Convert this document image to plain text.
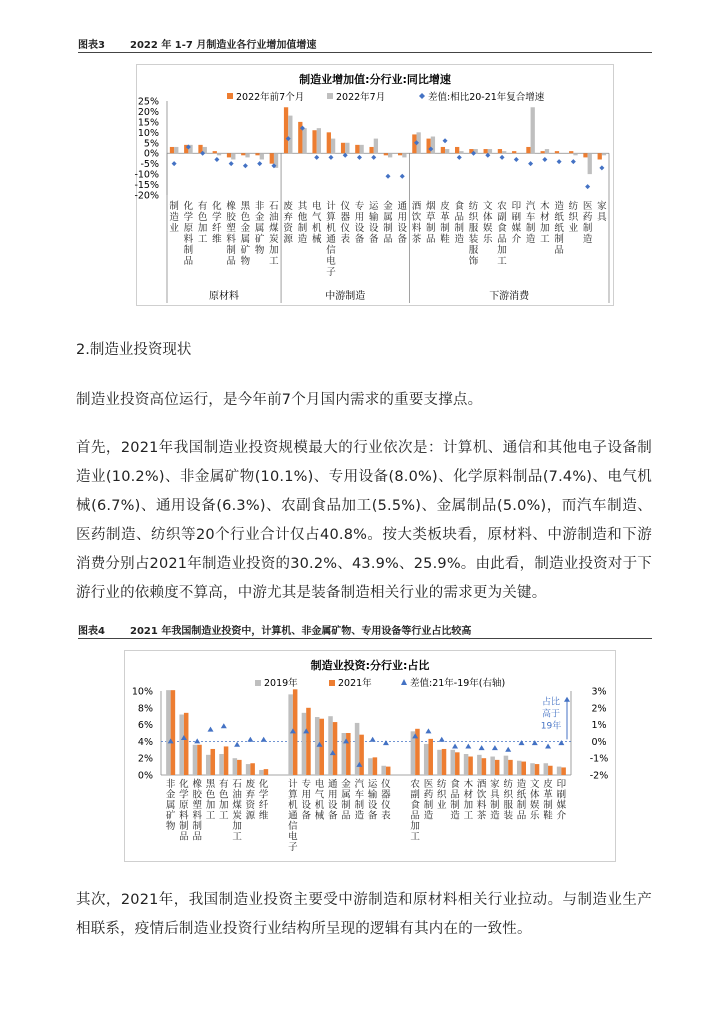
图表3	2022 年 1-7 月制造业各行业增加值增速
制造业增加值:分行业:同比增速
2022年前7个月	2022年7月	差值:相比20-21年复合增速
25%
20%
15%
10%
5%
0%
-5%
-10%
-15%
-20%
制造业
化学原料制品
有色加工
化学纤维
橡胶塑料制品
黑色金属矿物
非金属矿物
石油煤炭加工
废弃资源
其他制造
电气机械
计算机通信电子
仪器仪表
专用设备
运输设备
金属制品
通用设备
酒饮料茶
烟草制品
皮革制鞋
食品制造
纺织服装服饰
文体娱乐
农副食品加工
印刷媒介
汽车制造
木材加工
造纸纸制品
纺织业
医药制造
家具
原材料	中游制造	下游消费
2.制造业投资现状
制造业投资高位运行，是今年前7个月国内需求的重要支撑点。
首先，2021年我国制造业投资规模最大的行业依次是：计算机、通信和其他电子设备制造业(10.2%)、非金属矿物(10.1%)、专用设备(8.0%)、化学原料制品(7.4%)、电气机械(6.7%)、通用设备(6.3%)、农副食品加工(5.5%)、金属制品(5.0%)，而汽车制造、医药制造、纺织等20个行业合计仅占40.8%。按大类板块看，原材料、中游制造和下游消费分别占2021年制造业投资的30.2%、43.9%、25.9%。由此看，制造业投资对于下游行业的依赖度不算高，中游尤其是装备制造相关行业的需求更为关键。
图表4	2021 年我国制造业投资中，计算机、非金属矿物、专用设备等行业占比较高
制造业投资:分行业:占比
2019年	2021年	差值:21年-19年(右轴)
10%
8%
6%
4%
2%
0%
3%
2%
1%
0%
-1%
-2%
非金属矿物
化学原料制品
橡胶塑料制品
黑色加工
有色加工
石油煤炭加工
废弃资源
化学纤维
计算机通信电子
专用设备
电气机械
通用设备
金属制品
汽车制造
运输设备
仪器仪表
农副食品加工
医药制造
纺织业
食品制造
木材加工
酒饮料茶
家具制造
纺织服装
造纸制品
文体娱乐
皮革制鞋
印刷媒介
占比
高于
19年
其次，2021年，我国制造业投资主要受中游制造和原材料相关行业拉动。与制造业生产相联系，疫情后制造业投资行业结构所呈现的逻辑有其内在的一致性。
